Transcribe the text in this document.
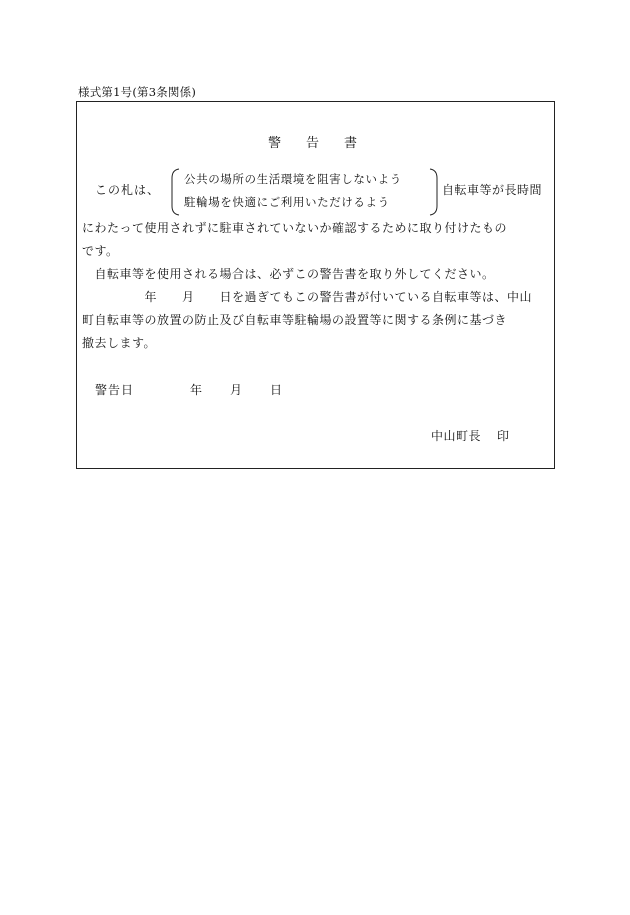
様式第1号(第3条関係)
警　告　書
この札は、
公共の場所の生活環境を阻害しないよう
駐輪場を快適にご利用いただけるよう
自転車等が長時間
にわたって使用されずに駐車されていないか確認するために取り付けたもの
です。
　自転車等を使用される場合は、必ずこの警告書を取り外してください。
　　　　　年　　月　　日を過ぎてもこの警告書が付いている自転車等は、中山
町自転車等の放置の防止及び自転車等駐輪場の設置等に関する条例に基づき
撤去します。
警告日	年 月 日
中山町長 印
